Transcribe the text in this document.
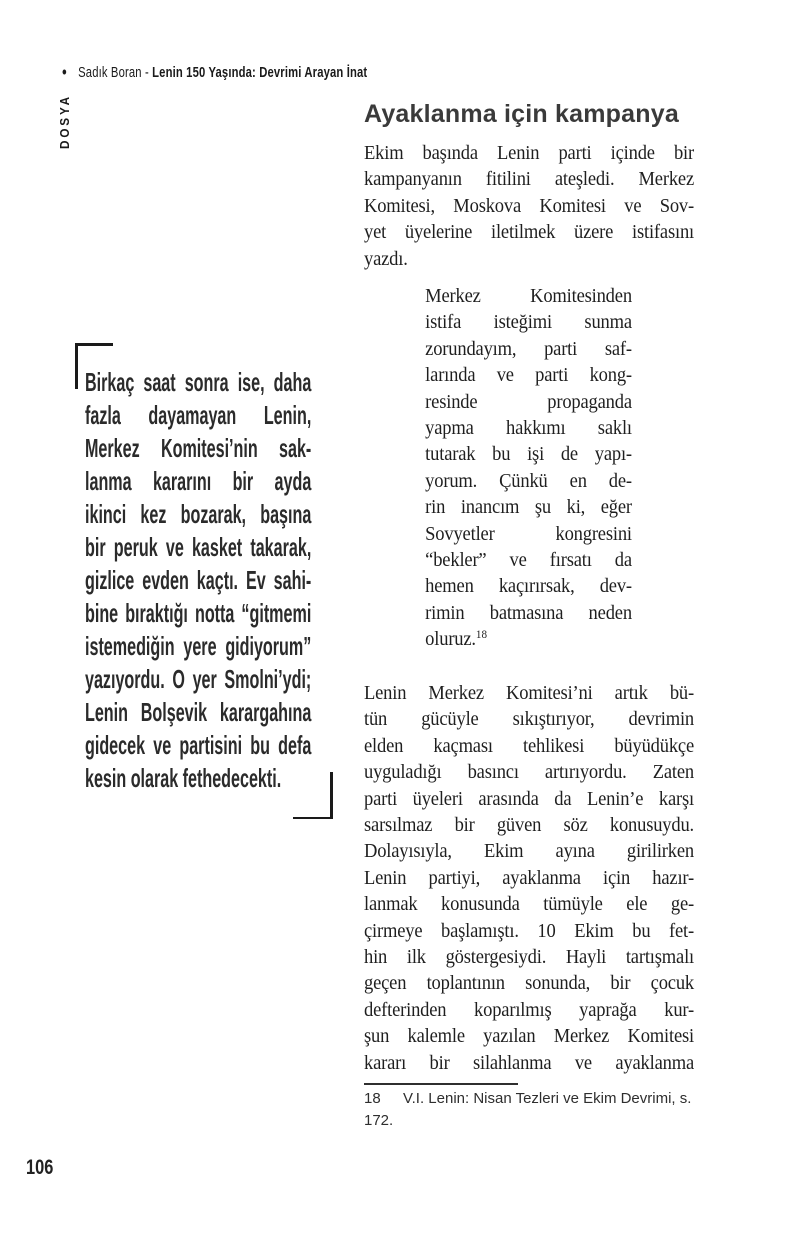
• Sadık Boran - Lenin 150 Yaşında: Devrimi Arayan İnat
DOSYA
Birkaç saat sonra ise, daha
fazla dayamayan Lenin,
Merkez Komitesi’nin sak-
lanma kararını bir ayda
ikinci kez bozarak, başına
bir peruk ve kasket takarak,
gizlice evden kaçtı. Ev sahi-
bine bıraktığı notta “gitmemi
istemediğin yere gidiyorum”
yazıyordu. O yer Smolni’ydi;
Lenin Bolşevik karargahına
gidecek ve partisini bu defa
kesin olarak fethedecekti.
Ayaklanma için kampanya
Ekim başında Lenin parti içinde bir
kampanyanın fitilini ateşledi. Merkez
Komitesi, Moskova Komitesi ve Sov-
yet üyelerine iletilmek üzere istifasını
yazdı.
Merkez Komitesinden
istifa isteğimi sunma
zorundayım, parti saf-
larında ve parti kong-
resinde propaganda
yapma hakkımı saklı
tutarak bu işi de yapı-
yorum. Çünkü en de-
rin inancım şu ki, eğer
Sovyetler kongresini
“bekler” ve fırsatı da
hemen kaçırırsak, dev-
rimin batmasına neden
oluruz.$^{18}$
Lenin Merkez Komitesi’ni artık bü-
tün gücüyle sıkıştırıyor, devrimin
elden kaçması tehlikesi büyüdükçe
uyguladığı basıncı artırıyordu. Zaten
parti üyeleri arasında da Lenin’e karşı
sarsılmaz bir güven söz konusuydu.
Dolayısıyla, Ekim ayına girilirken
Lenin partiyi, ayaklanma için hazır-
lanmak konusunda tümüyle ele ge-
çirmeye başlamıştı. 10 Ekim bu fet-
hin ilk göstergesiydi. Hayli tartışmalı
geçen toplantının sonunda, bir çocuk
defterinden koparılmış yaprağa kur-
şun kalemle yazılan Merkez Komitesi
kararı bir silahlanma ve ayaklanma
18 V.I. Lenin: Nisan Tezleri ve Ekim Devrimi, s. 172.
106
